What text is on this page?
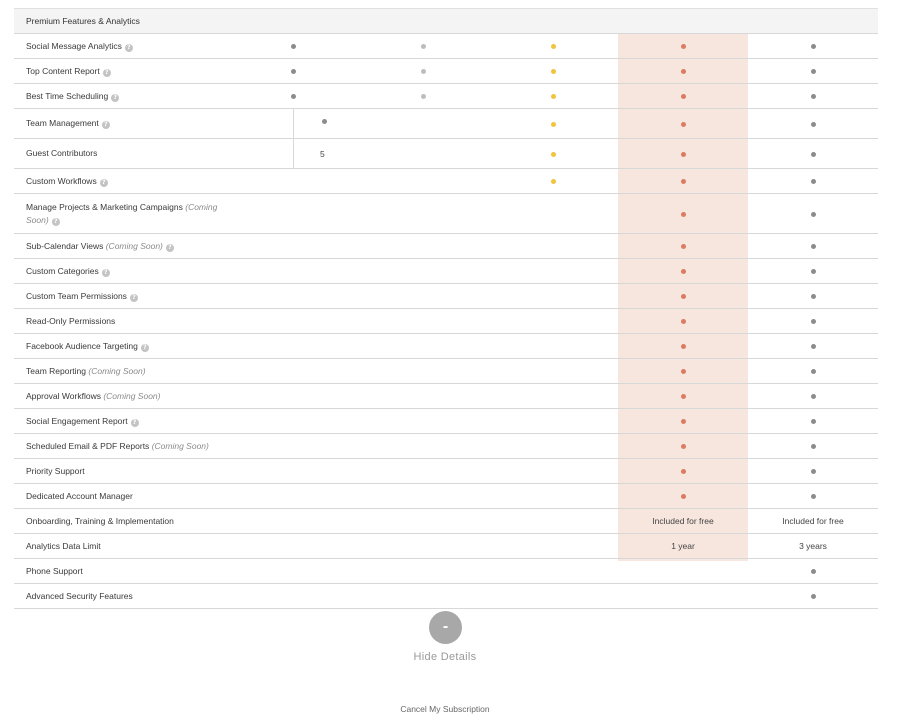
Premium Features & Analytics
Social Message Analytics ?
Top Content Report ?
Best Time Scheduling ?
Team Management ?
Guest Contributors	5
Custom Workflows ?
Manage Projects & Marketing Campaigns (Coming Soon) ?
Sub-Calendar Views (Coming Soon) ?
Custom Categories ?
Custom Team Permissions ?
Read-Only Permissions
Facebook Audience Targeting ?
Team Reporting (Coming Soon)
Approval Workflows (Coming Soon)
Social Engagement Report ?
Scheduled Email & PDF Reports (Coming Soon)
Priority Support
Dedicated Account Manager
Onboarding, Training & Implementation	Included for free	Included for free
Analytics Data Limit	1 year	3 years
Phone Support
Advanced Security Features
-
Hide Details
Cancel My Subscription
